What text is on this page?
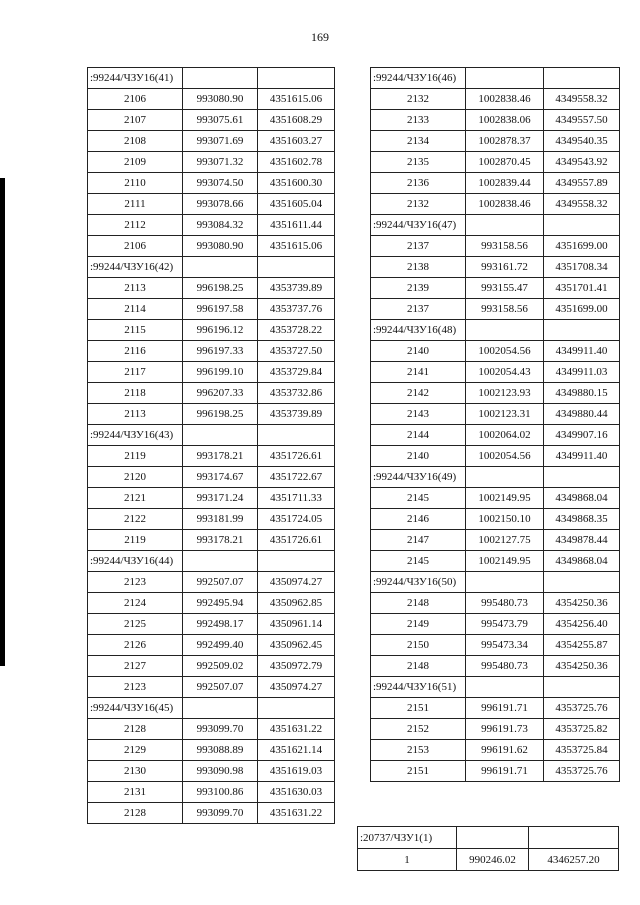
169
:99244/ЧЗУ16(41)		
2106	993080.90	4351615.06
2107	993075.61	4351608.29
2108	993071.69	4351603.27
2109	993071.32	4351602.78
2110	993074.50	4351600.30
2111	993078.66	4351605.04
2112	993084.32	4351611.44
2106	993080.90	4351615.06
:99244/ЧЗУ16(42)		
2113	996198.25	4353739.89
2114	996197.58	4353737.76
2115	996196.12	4353728.22
2116	996197.33	4353727.50
2117	996199.10	4353729.84
2118	996207.33	4353732.86
2113	996198.25	4353739.89
:99244/ЧЗУ16(43)		
2119	993178.21	4351726.61
2120	993174.67	4351722.67
2121	993171.24	4351711.33
2122	993181.99	4351724.05
2119	993178.21	4351726.61
:99244/ЧЗУ16(44)		
2123	992507.07	4350974.27
2124	992495.94	4350962.85
2125	992498.17	4350961.14
2126	992499.40	4350962.45
2127	992509.02	4350972.79
2123	992507.07	4350974.27
:99244/ЧЗУ16(45)		
2128	993099.70	4351631.22
2129	993088.89	4351621.14
2130	993090.98	4351619.03
2131	993100.86	4351630.03
2128	993099.70	4351631.22
:99244/ЧЗУ16(46)		
2132	1002838.46	4349558.32
2133	1002838.06	4349557.50
2134	1002878.37	4349540.35
2135	1002870.45	4349543.92
2136	1002839.44	4349557.89
2132	1002838.46	4349558.32
:99244/ЧЗУ16(47)		
2137	993158.56	4351699.00
2138	993161.72	4351708.34
2139	993155.47	4351701.41
2137	993158.56	4351699.00
:99244/ЧЗУ16(48)		
2140	1002054.56	4349911.40
2141	1002054.43	4349911.03
2142	1002123.93	4349880.15
2143	1002123.31	4349880.44
2144	1002064.02	4349907.16
2140	1002054.56	4349911.40
:99244/ЧЗУ16(49)		
2145	1002149.95	4349868.04
2146	1002150.10	4349868.35
2147	1002127.75	4349878.44
2145	1002149.95	4349868.04
:99244/ЧЗУ16(50)		
2148	995480.73	4354250.36
2149	995473.79	4354256.40
2150	995473.34	4354255.87
2148	995480.73	4354250.36
:99244/ЧЗУ16(51)		
2151	996191.71	4353725.76
2152	996191.73	4353725.82
2153	996191.62	4353725.84
2151	996191.71	4353725.76
:20737/ЧЗУ1(1)		
1	990246.02	4346257.20
